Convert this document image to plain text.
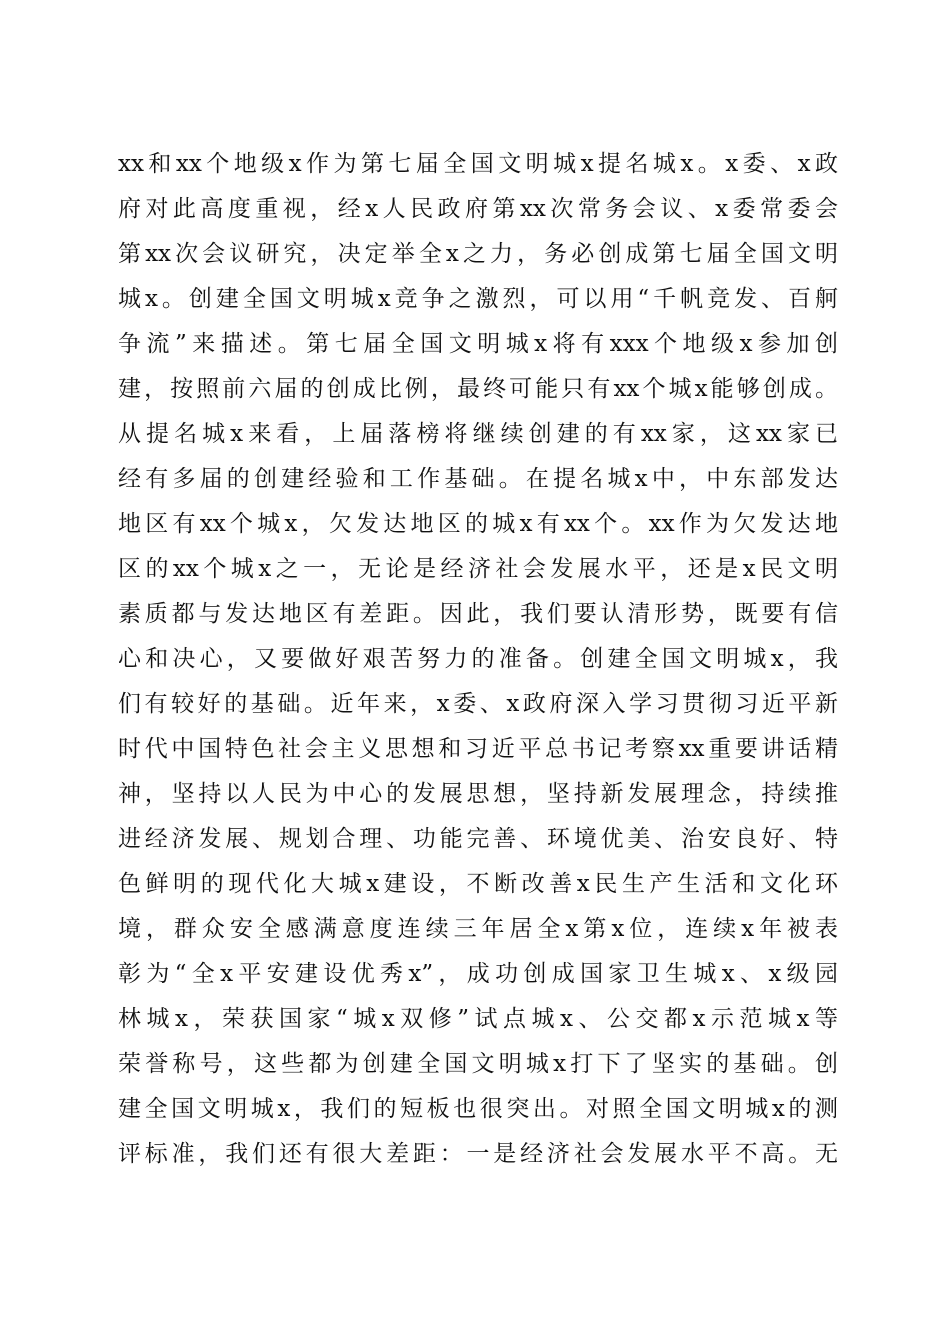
xx和xx个地级x作为第七届全国文明城x提名城x。x委、x政
府对此高度重视，经x人民政府第xx次常务会议、x委常委会
第xx次会议研究，决定举全x之力，务必创成第七届全国文明
城x。创建全国文明城x竞争之激烈，可以用“千帆竞发、百舸
争流”来描述。第七届全国文明城x将有xxx个地级x参加创
建，按照前六届的创成比例，最终可能只有xx个城x能够创成。
从提名城x来看，上届落榜将继续创建的有xx家，这xx家已
经有多届的创建经验和工作基础。在提名城x中，中东部发达
地区有xx个城x，欠发达地区的城x有xx个。xx作为欠发达地
区的xx个城x之一，无论是经济社会发展水平，还是x民文明
素质都与发达地区有差距。因此，我们要认清形势，既要有信
心和决心，又要做好艰苦努力的准备。创建全国文明城x，我
们有较好的基础。近年来，x委、x政府深入学习贯彻习近平新
时代中国特色社会主义思想和习近平总书记考察xx重要讲话精
神，坚持以人民为中心的发展思想，坚持新发展理念，持续推
进经济发展、规划合理、功能完善、环境优美、治安良好、特
色鲜明的现代化大城x建设，不断改善x民生产生活和文化环
境，群众安全感满意度连续三年居全x第x位，连续x年被表
彰为“全x平安建设优秀x”，成功创成国家卫生城x、x级园
林城x，荣获国家“城x双修”试点城x、公交都x示范城x等
荣誉称号，这些都为创建全国文明城x打下了坚实的基础。创
建全国文明城x，我们的短板也很突出。对照全国文明城x的测
评标准，我们还有很大差距：一是经济社会发展水平不高。无
